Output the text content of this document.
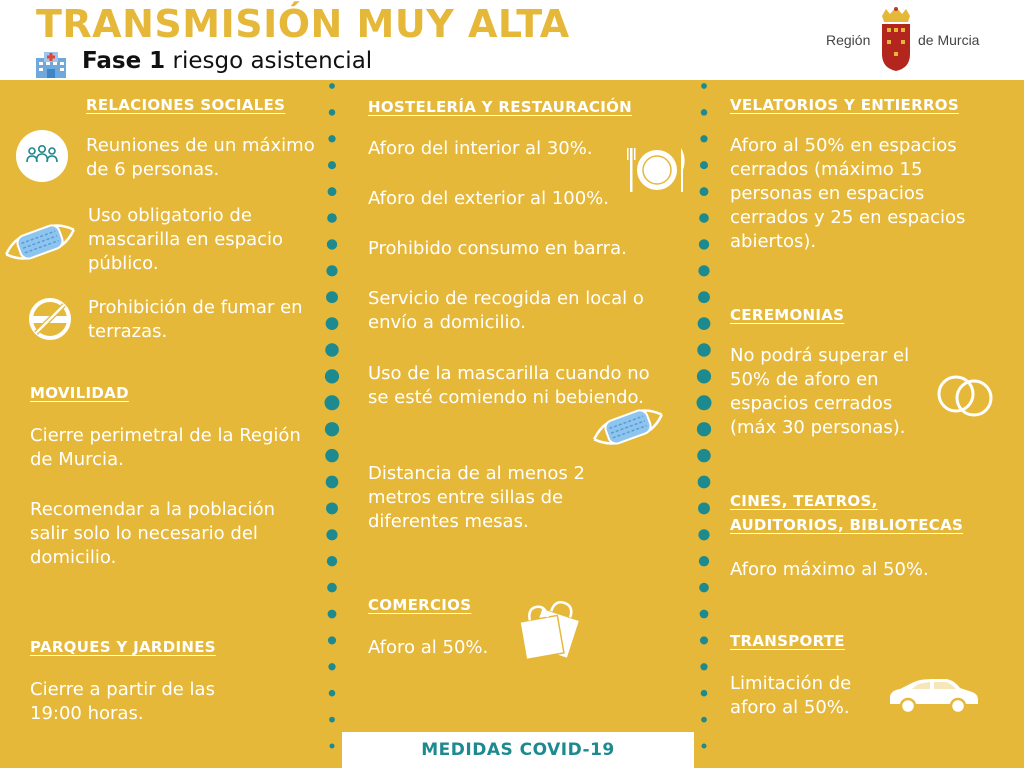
TRANSMISIÓN MUY ALTA
Fase 1 riesgo asistencial
Región	de Murcia
RELACIONES SOCIALES
Reuniones de un máximo de 6 personas.
Uso obligatorio de mascarilla en espacio público.
Prohibición de fumar en terrazas.
MOVILIDAD
Cierre perimetral de la Región de Murcia.
Recomendar a la población salir solo lo necesario del domicilio.
PARQUES Y JARDINES
Cierre a partir de las 19:00 horas.
HOSTELERÍA Y RESTAURACIÓN
Aforo del interior al 30%.
Aforo del exterior al 100%.
Prohibido consumo en barra.
Servicio de recogida en local o envío a domicilio.
Uso de la mascarilla cuando no se esté comiendo ni bebiendo.
Distancia de al menos 2 metros entre sillas de diferentes mesas.
COMERCIOS
Aforo al 50%.
VELATORIOS Y ENTIERROS
Aforo al 50% en espacios cerrados (máximo 15 personas en espacios cerrados y 25 en espacios abiertos).
CEREMONIAS
No podrá superar el 50% de aforo en espacios cerrados (máx 30 personas).
CINES, TEATROS,
AUDITORIOS, BIBLIOTECAS
Aforo máximo al 50%.
TRANSPORTE
Limitación de aforo al 50%.
MEDIDAS COVID-19
